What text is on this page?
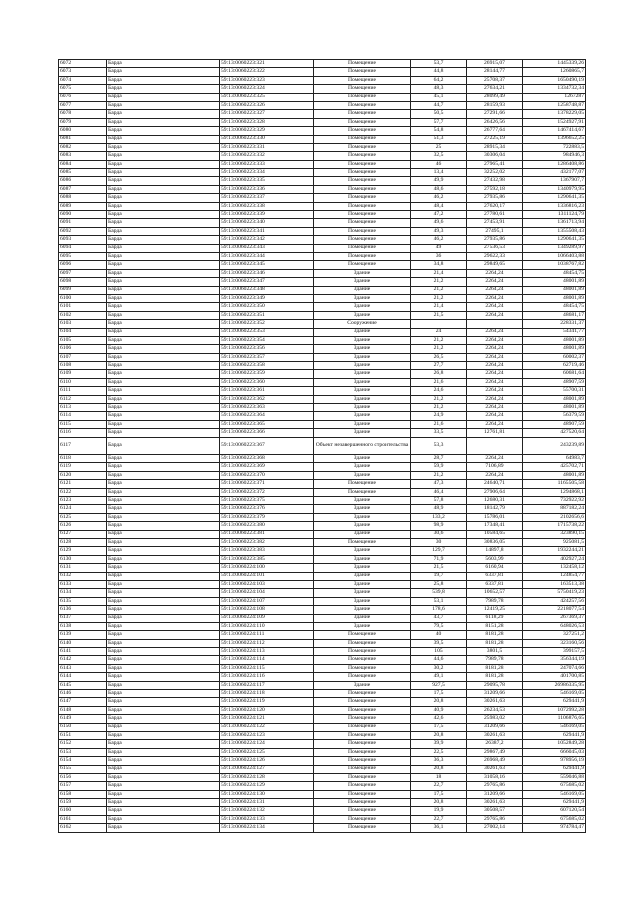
6072	Барда	59:13:0060223:321	Помещение	53,7	26915,07	1445339,26
6073	Барда	59:13:0060223:322	Помещение	44,8	28144,77	1260865,7
6074	Барда	59:13:0060223:323	Помещение	64,2	25708,37	1650490,19
6075	Барда	59:13:0060223:324	Помещение	48,3	27634,21	1334732,34
6076	Барда	59:13:0060223:325	Помещение	45,1	28099,49	1267287
6077	Барда	59:13:0060223:326	Помещение	44,7	28159,93	1258748,87
6078	Барда	59:13:0060223:327	Помещение	50,5	27291,66	1378229,05
6079	Барда	59:13:0060223:328	Помещение	57,7	26426,56	1524927,91
6080	Барда	59:13:0060223:329	Помещение	54,8	26777,64	1467414,67
6081	Барда	59:13:0060223:330	Помещение	51,3	27225,19	1396652,25
6082	Барда	59:13:0060223:331	Помещение	25	28915,34	722883,5
6083	Барда	59:13:0060223:332	Помещение	32,5	30306,04	984946,3
6084	Барда	59:13:0060223:333	Помещение	46	27965,41	1286408,86
6085	Барда	59:13:0060223:334	Помещение	13,4	32252,02	432177,07
6086	Барда	59:13:0060223:335	Помещение	49,9	27432,98	1367907,7
6087	Барда	59:13:0060223:336	Помещение	48,6	27592,18	1340979,95
6088	Барда	59:13:0060223:337	Помещение	46,2	27935,86	1290641,35
6089	Барда	59:13:0060223:338	Помещение	48,4	27620,17	1336816,23
6090	Барда	59:13:0060223:339	Помещение	47,2	27780,61	1311124,79
6091	Барда	59:13:0060223:340	Помещение	49,6	27453,91	1361713,94
6092	Барда	59:13:0060223:341	Помещение	49,3	27495,1	1355508,43
6093	Барда	59:13:0060223:342	Помещение	46,2	27935,86	1290641,35
6094	Барда	59:13:0060223:343	Помещение	49	27536,53	1349289,97
6095	Барда	59:13:0060223:344	Помещение	36	29622,33	1066403,88
6096	Барда	59:13:0060223:345	Помещение	34,8	29849,65	1038767,82
6097	Барда	59:13:0060223:346	Здание	21,4	2264,24	48454,75
6098	Барда	59:13:0060223:347	Здание	21,2	2264,24	48001,89
6099	Барда	59:13:0060223:348	Здание	21,2	2264,24	48001,89
6100	Барда	59:13:0060223:349	Здание	21,2	2264,24	48001,89
6101	Барда	59:13:0060223:350	Здание	21,4	2264,24	48454,75
6102	Барда	59:13:0060223:351	Здание	21,5	2264,24	48681,17
6103	Барда	59:13:0060223:352	Сооружение			228331,37
6104	Барда	59:13:0060223:353	Здание	24	2264,24	54341,77
6105	Барда	59:13:0060223:354	Здание	21,2	2264,24	48001,89
6106	Барда	59:13:0060223:356	Здание	21,2	2264,24	48001,89
6107	Барда	59:13:0060223:357	Здание	26,5	2264,24	60002,37
6108	Барда	59:13:0060223:358	Здание	27,7	2264,24	62719,46
6109	Барда	59:13:0060223:359	Здание	26,8	2264,24	60681,64
6110	Барда	59:13:0060223:360	Здание	21,6	2264,24	48907,59
6111	Барда	59:13:0060223:361	Здание	24,6	2264,24	55700,31
6112	Барда	59:13:0060223:362	Здание	21,2	2264,24	48001,89
6113	Барда	59:13:0060223:363	Здание	21,2	2264,24	48001,89
6114	Барда	59:13:0060223:364	Здание	24,9	2264,24	56379,59
6115	Барда	59:13:0060223:365	Здание	21,6	2264,24	48907,59
6116	Барда	59:13:0060223:366	Здание	33,5	12761,81	427520,64
6117	Барда	59:13:0060223:367	Объект незавершенного строительства	53,3		243239,89
6118	Барда	59:13:0060223:368	Здание	28,7	2264,24	64983,7
6119	Барда	59:13:0060223:369	Здание	59,9	7106,89	425702,71
6120	Барда	59:13:0060223:370	Здание	21,2	2264,24	48001,89
6121	Барда	59:13:0060223:371	Помещение	47,3	24640,71	1165505,58
6122	Барда	59:13:0060223:372	Помещение	46,4	27906,64	1294868,1
6123	Барда	59:13:0060223:375	Здание	57,8	12680,31	732922,92
6124	Барда	59:13:0060223:376	Здание	48,9	18142,79	887182,24
6125	Барда	59:13:0060223:379	Здание	133,2	15786,01	2102656,6
6126	Барда	59:13:0060223:380	Здание	98,9	17348,41	1715738,22
6127	Барда	59:13:0060223:381	Здание	30,6	10584,65	323890,15
6128	Барда	59:13:0060223:382	Помещение	30	30836,05	925081,5
6129	Барда	59:13:0060223:383	Здание	129,7	14897,8	1932244,21
6130	Барда	59:13:0060223:385	Здание	71,9	5603,99	402927,24
6131	Барда	59:13:0060224:100	Здание	21,5	6160,94	132458,12
6132	Барда	59:13:0060224:101	Здание	19,7	6337,81	124854,77
6133	Барда	59:13:0060224:103	Здание	25,8	6337,81	163513,38
6134	Барда	59:13:0060224:104	Здание	539,8	10652,57	5750419,23
6135	Барда	59:13:0060224:107	Здание	53,1	7989,78	424257,56
6136	Барда	59:13:0060224:108	Здание	178,6	12419,25	2218077,54
6137	Барда	59:13:0060224:109	Здание	43,7	6118,29	267369,37
6138	Барда	59:13:0060224:110	Здание	79,5	8151,28	648026,53
6139	Барда	59:13:0060224:111	Помещение	40	8181,28	327251,2
6140	Барда	59:13:0060224:112	Помещение	39,5	8181,28	323160,56
6141	Барда	59:13:0060224:113	Помещение	105	3801,5	399157,5
6142	Барда	59:13:0060224:114	Помещение	44,6	7989,78	356344,19
6143	Барда	59:13:0060224:115	Помещение	30,2	8181,28	247074,66
6144	Барда	59:13:0060224:116	Помещение	49,1	8181,28	401700,85
6145	Барда	59:13:0060224:117	Здание	927,5	29095,78	26986335,95
6146	Барда	59:13:0060224:118	Помещение	17,5	31209,66	546169,05
6147	Барда	59:13:0060224:119	Помещение	20,8	30261,63	629441,9
6148	Барда	59:13:0060224:120	Помещение	40,9	26234,53	1072992,28
6149	Барда	59:13:0060224:121	Помещение	42,6	25983,02	1106876,65
6150	Барда	59:13:0060224:122	Помещение	17,5	31209,66	546169,05
6151	Барда	59:13:0060224:123	Помещение	20,8	30261,63	629441,9
6152	Барда	59:13:0060224:124	Помещение	39,9	26387,2	1052849,28
6153	Барда	59:13:0060224:125	Помещение	22,5	29867,49	666045,03
6154	Барда	59:13:0060224:126	Помещение	36,3	26968,49	978956,19
6155	Барда	59:13:0060224:127	Помещение	20,8	30261,63	629441,9
6156	Барда	59:13:0060224:128	Помещение	18	31058,16	559046,88
6157	Барда	59:13:0060224:129	Помещение	22,7	29765,86	675685,02
6158	Барда	59:13:0060224:130	Помещение	17,5	31209,66	546169,05
6159	Барда	59:13:0060224:131	Помещение	20,8	30261,63	629441,9
6160	Барда	59:13:0060224:132	Помещение	19,9	30508,57	607120,54
6161	Барда	59:13:0060224:133	Помещение	22,7	29765,86	675685,02
6162	Барда	59:13:0060224:134	Помещение	36,1	27002,14	974784,47
